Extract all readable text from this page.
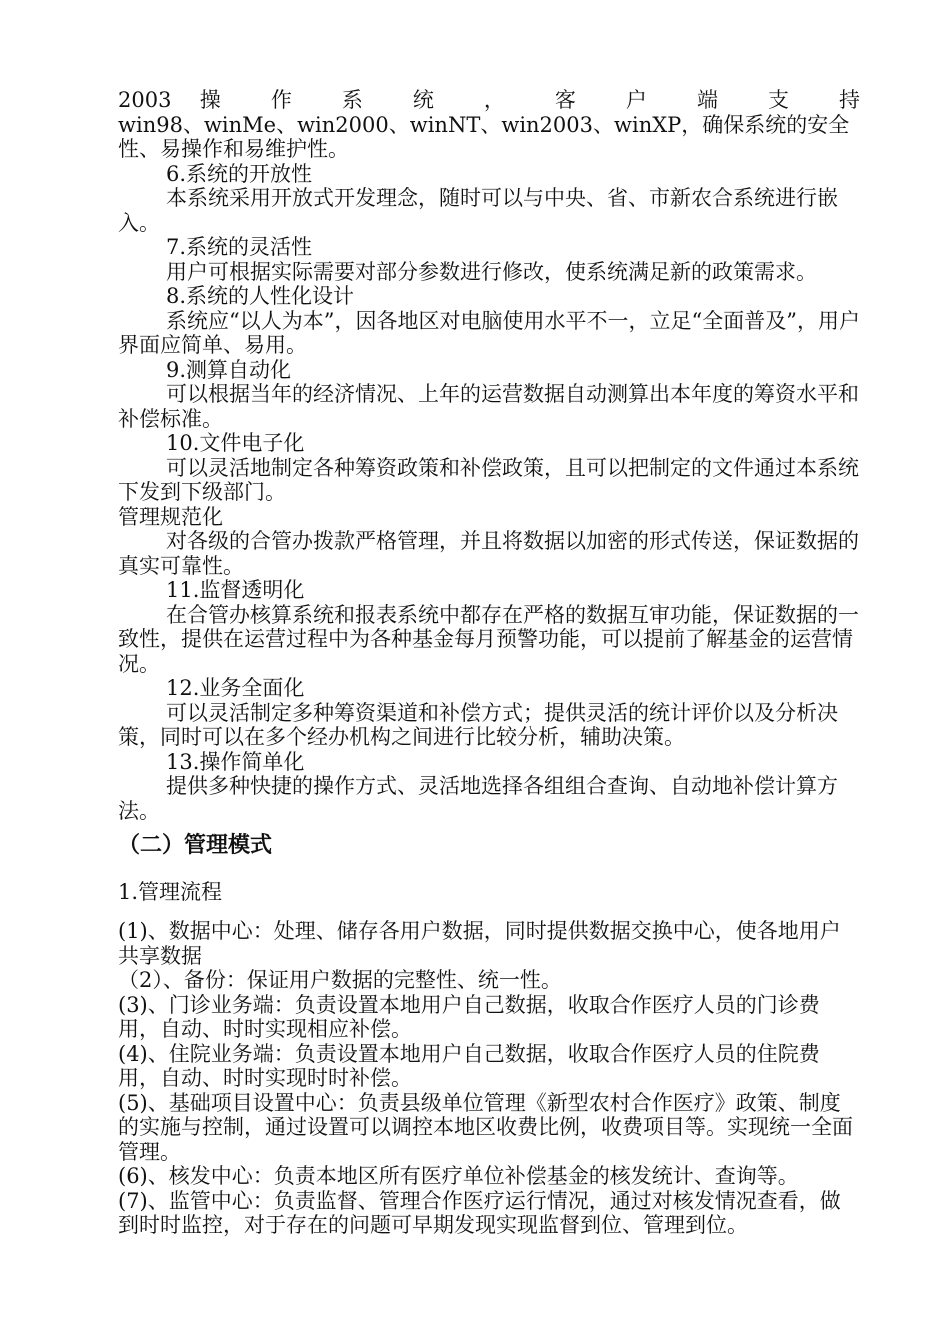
2003 操 作 系 统 ， 客 户 端 支 持

win98、winMe、win2000、winNT、win2003、winXP，确保系统的安全性、易操作和易维护性。

6.系统的开放性

本系统采用开放式开发理念，随时可以与中央、省、市新农合系统进行嵌入。

7.系统的灵活性

用户可根据实际需要对部分参数进行修改，使系统满足新的政策需求。

8.系统的人性化设计

系统应“以人为本”，因各地区对电脑使用水平不一，立足“全面普及”，用户界面应简单、易用。

9.测算自动化

可以根据当年的经济情况、上年的运营数据自动测算出本年度的筹资水平和补偿标准。

10.文件电子化

可以灵活地制定各种筹资政策和补偿政策，且可以把制定的文件通过本系统下发到下级部门。

管理规范化

对各级的合管办拨款严格管理，并且将数据以加密的形式传送，保证数据的真实可靠性。

11.监督透明化

在合管办核算系统和报表系统中都存在严格的数据互审功能，保证数据的一致性，提供在运营过程中为各种基金每月预警功能，可以提前了解基金的运营情况。

12.业务全面化

可以灵活制定多种筹资渠道和补偿方式；提供灵活的统计评价以及分析决策，同时可以在多个经办机构之间进行比较分析，辅助决策。

13.操作简单化

提供多种快捷的操作方式、灵活地选择各组组合查询、自动地补偿计算方法。

（二）管理模式

1.管理流程

(1)、数据中心：处理、储存各用户数据，同时提供数据交换中心，使各地用户共享数据

（2）、备份：保证用户数据的完整性、统一性。

(3)、门诊业务端：负责设置本地用户自己数据，收取合作医疗人员的门诊费用，自动、时时实现相应补偿。

(4)、住院业务端：负责设置本地用户自己数据，收取合作医疗人员的住院费用，自动、时时实现时时补偿。

(5)、基础项目设置中心：负责县级单位管理《新型农村合作医疗》政策、制度的实施与控制，通过设置可以调控本地区收费比例，收费项目等。实现统一全面管理。

(6)、核发中心：负责本地区所有医疗单位补偿基金的核发统计、查询等。

(7)、监管中心：负责监督、管理合作医疗运行情况，通过对核发情况查看，做到时时监控，对于存在的问题可早期发现实现监督到位、管理到位。
